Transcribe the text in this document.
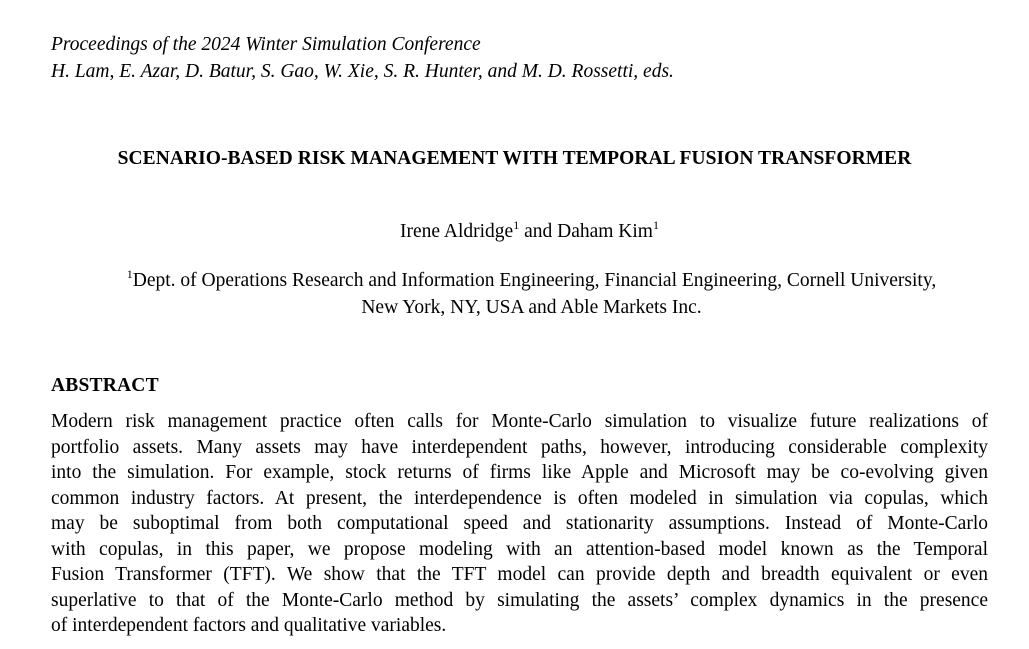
Proceedings of the 2024 Winter Simulation Conference
H. Lam, E. Azar, D. Batur, S. Gao, W. Xie, S. R. Hunter, and M. D. Rossetti, eds.
SCENARIO-BASED RISK MANAGEMENT WITH TEMPORAL FUSION TRANSFORMER
Irene Aldridge$^1$ and Daham Kim$^1$
$^1$Dept. of Operations Research and Information Engineering, Financial Engineering, Cornell University,
New York, NY, USA and Able Markets Inc.
ABSTRACT
Modern risk management practice often calls for Monte-Carlo simulation to visualize future realizations of
portfolio assets. Many assets may have interdependent paths, however, introducing considerable complexity
into the simulation. For example, stock returns of firms like Apple and Microsoft may be co-evolving given
common industry factors. At present, the interdependence is often modeled in simulation via copulas, which
may be suboptimal from both computational speed and stationarity assumptions. Instead of Monte-Carlo
with copulas, in this paper, we propose modeling with an attention-based model known as the Temporal
Fusion Transformer (TFT). We show that the TFT model can provide depth and breadth equivalent or even
superlative to that of the Monte-Carlo method by simulating the assets’ complex dynamics in the presence
of interdependent factors and qualitative variables.
